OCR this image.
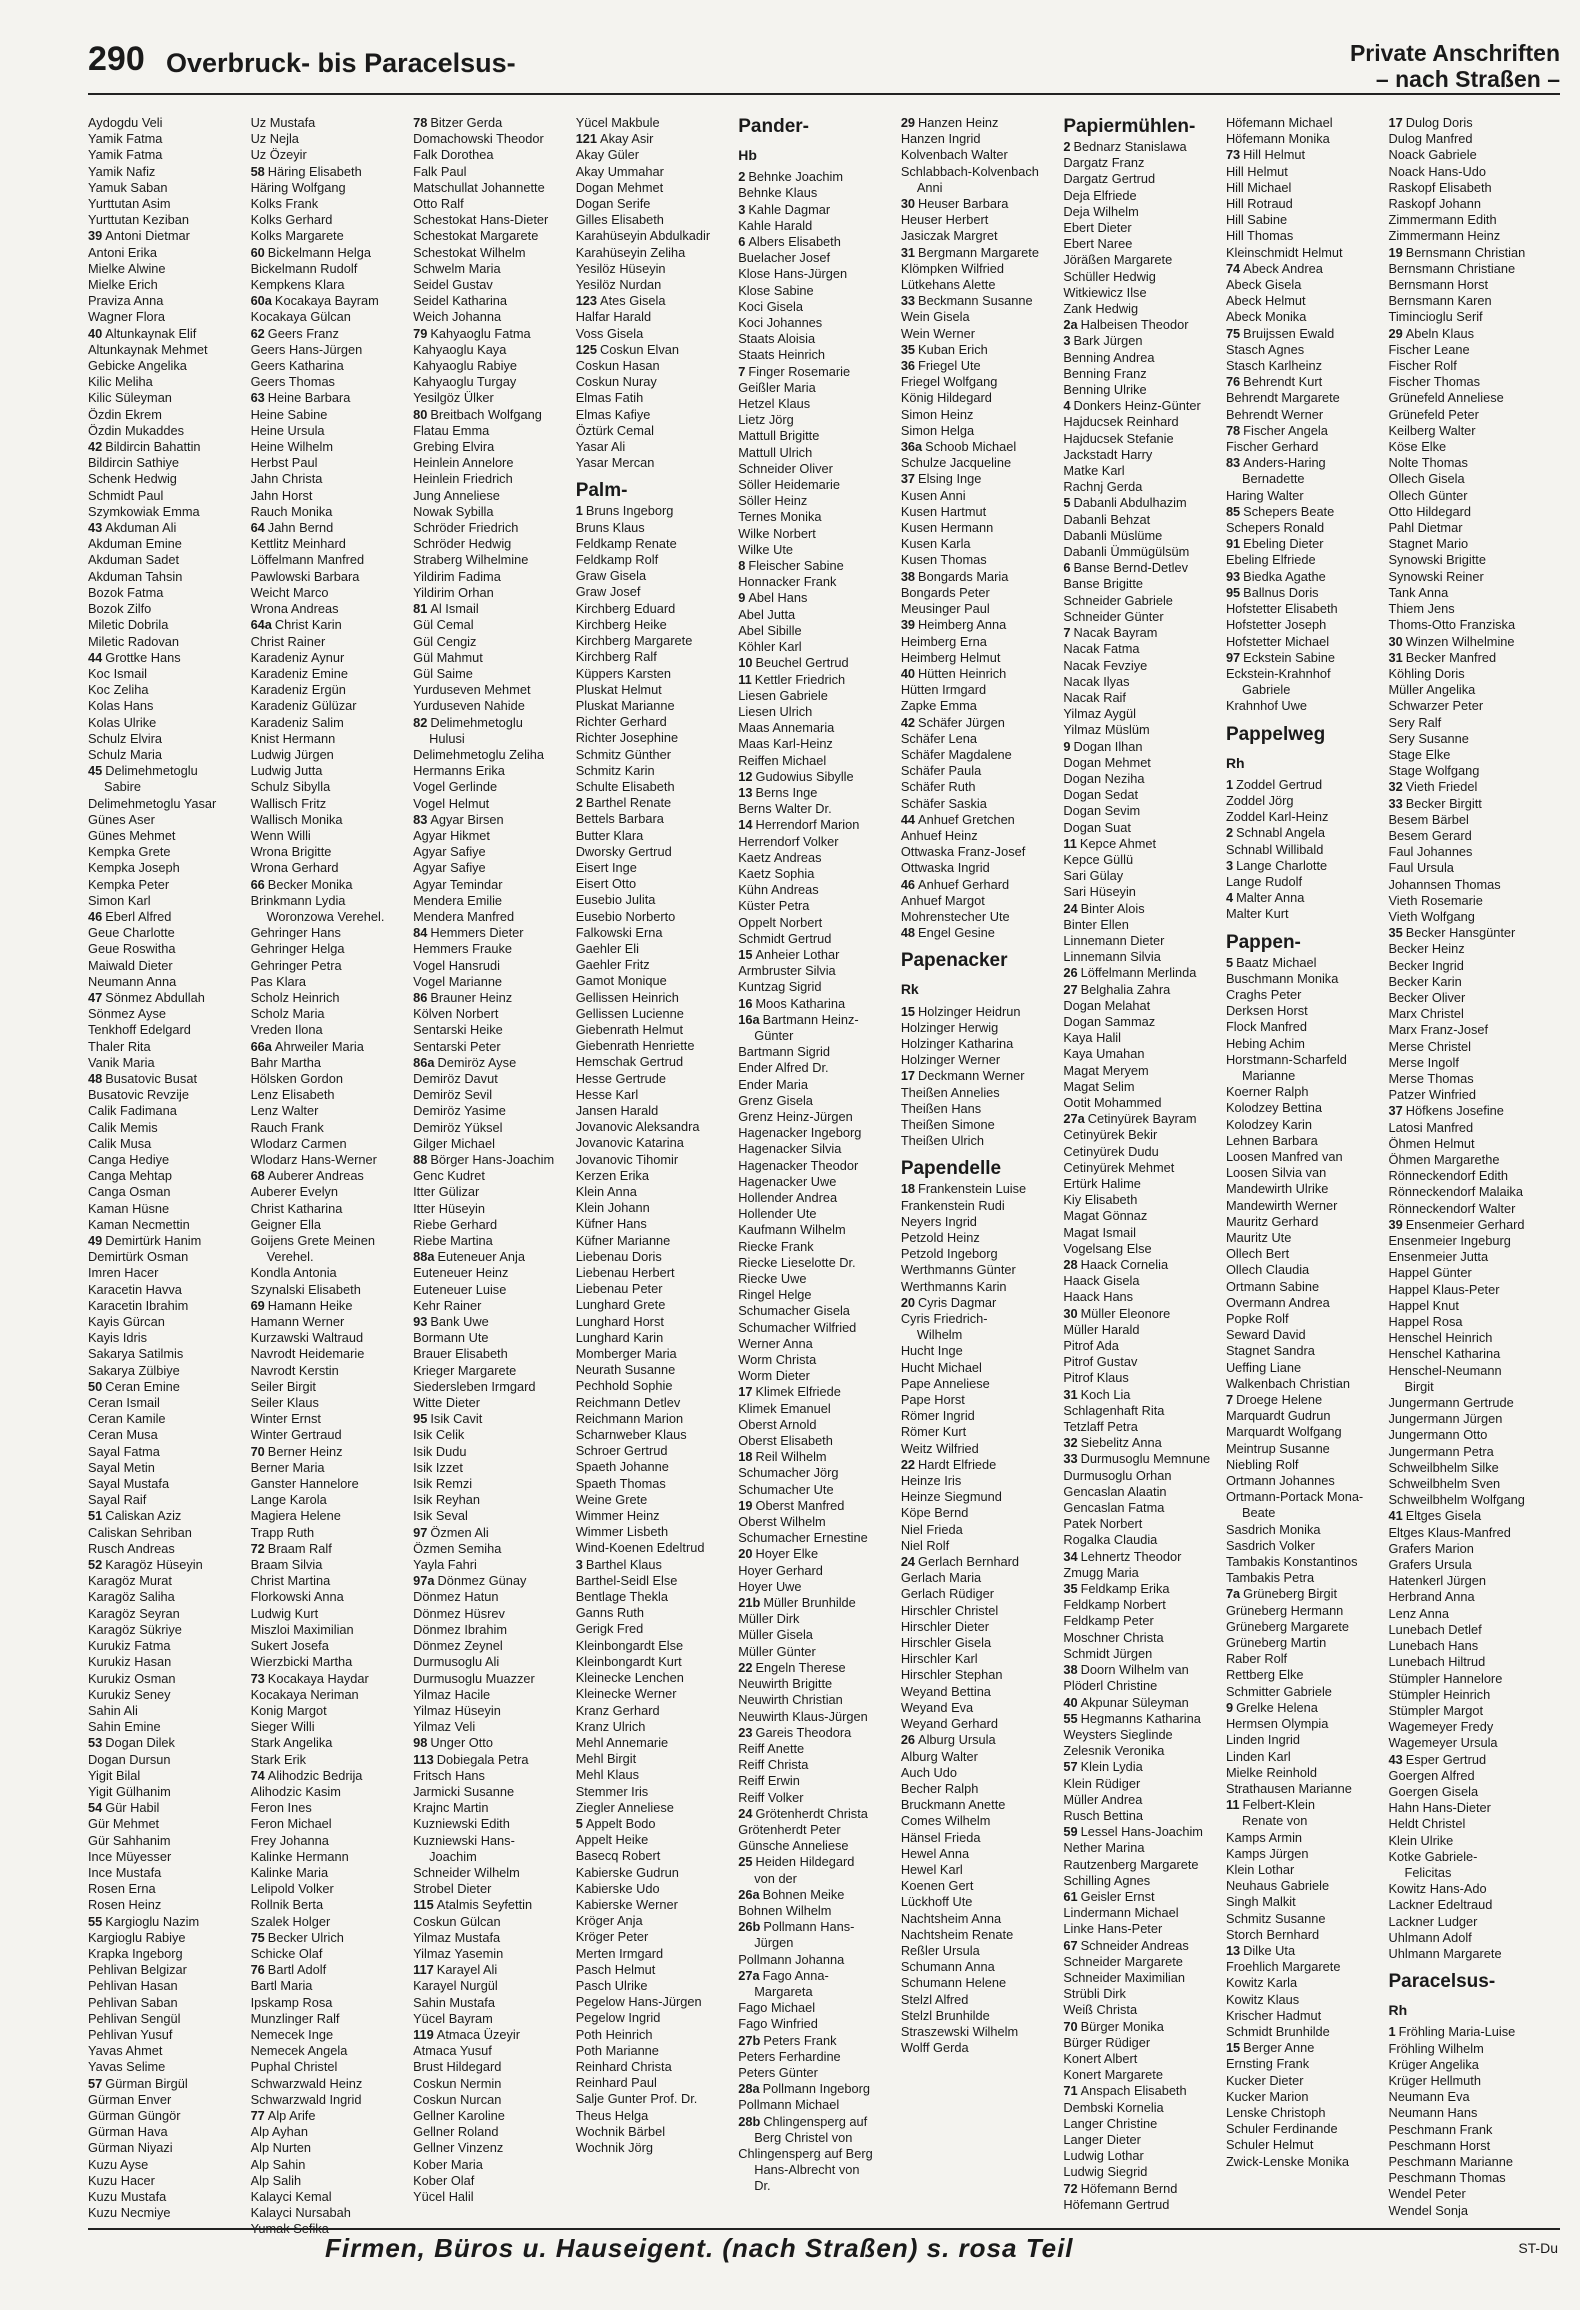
290 Overbruck- bis Paracelsus-	Private Anschriften
– nach Straßen –
Aydogdu Veli
Yamik Fatma
Yamik Fatma
Yamik Nafiz
Yamuk Saban
Yurttutan Asim
Yurttutan Keziban
39 Antoni Dietmar
Antoni Erika
Mielke Alwine
Mielke Erich
Praviza Anna
Wagner Flora
40 Altunkaynak Elif
Altunkaynak Mehmet
Gebicke Angelika
Kilic Meliha
Kilic Süleyman
Özdin Ekrem
Özdin Mukaddes
42 Bildircin Bahattin
Bildircin Sathiye
Schenk Hedwig
Schmidt Paul
Szymkowiak Emma
43 Akduman Ali
Akduman Emine
Akduman Sadet
Akduman Tahsin
Bozok Fatma
Bozok Zilfo
Miletic Dobrila
Miletic Radovan
44 Grottke Hans
Koc Ismail
Koc Zeliha
Kolas Hans
Kolas Ulrike
Schulz Elvira
Schulz Maria
45 Delimehmetoglu
Sabire
Delimehmetoglu Yasar
Günes Aser
Günes Mehmet
Kempka Grete
Kempka Joseph
Kempka Peter
Simon Karl
46 Eberl Alfred
Geue Charlotte
Geue Roswitha
Maiwald Dieter
Neumann Anna
47 Sönmez Abdullah
Sönmez Ayse
Tenkhoff Edelgard
Thaler Rita
Vanik Maria
48 Busatovic Busat
Busatovic Revzije
Calik Fadimana
Calik Memis
Calik Musa
Canga Hediye
Canga Mehtap
Canga Osman
Kaman Hüsne
Kaman Necmettin
49 Demirtürk Hanim
Demirtürk Osman
Imren Hacer
Karacetin Havva
Karacetin Ibrahim
Kayis Gürcan
Kayis Idris
Sakarya Satilmis
Sakarya Zülbiye
50 Ceran Emine
Ceran Ismail
Ceran Kamile
Ceran Musa
Sayal Fatma
Sayal Metin
Sayal Mustafa
Sayal Raif
51 Caliskan Aziz
Caliskan Sehriban
Rusch Andreas
52 Karagöz Hüseyin
Karagöz Murat
Karagöz Saliha
Karagöz Seyran
Karagöz Sükriye
Kurukiz Fatma
Kurukiz Hasan
Kurukiz Osman
Kurukiz Seney
Sahin Ali
Sahin Emine
53 Dogan Dilek
Dogan Dursun
Yigit Bilal
Yigit Gülhanim
54 Gür Habil
Gür Mehmet
Gür Sahhanim
Ince Müyesser
Ince Mustafa
Rosen Erna
Rosen Heinz
55 Kargioglu Nazim
Kargioglu Rabiye
Krapka Ingeborg
Pehlivan Belgizar
Pehlivan Hasan
Pehlivan Saban
Pehlivan Sengül
Pehlivan Yusuf
Yavas Ahmet
Yavas Selime
57 Gürman Birgül
Gürman Enver
Gürman Güngör
Gürman Hava
Gürman Niyazi
Kuzu Ayse
Kuzu Hacer
Kuzu Mustafa
Kuzu Necmiye
Uz Mustafa
Uz Nejla
Uz Özeyir
58 Häring Elisabeth
Häring Wolfgang
Kolks Frank
Kolks Gerhard
Kolks Margarete
60 Bickelmann Helga
Bickelmann Rudolf
Kempkens Klara
60a Kocakaya Bayram
Kocakaya Gülcan
62 Geers Franz
Geers Hans-Jürgen
Geers Katharina
Geers Thomas
63 Heine Barbara
Heine Sabine
Heine Ursula
Heine Wilhelm
Herbst Paul
Jahn Christa
Jahn Horst
Rauch Monika
64 Jahn Bernd
Kettlitz Meinhard
Löffelmann Manfred
Pawlowski Barbara
Weicht Marco
Wrona Andreas
64a Christ Karin
Christ Rainer
Karadeniz Aynur
Karadeniz Emine
Karadeniz Ergün
Karadeniz Gülüzar
Karadeniz Salim
Knist Hermann
Ludwig Jürgen
Ludwig Jutta
Schulz Sibylla
Wallisch Fritz
Wallisch Monika
Wenn Willi
Wrona Brigitte
Wrona Gerhard
66 Becker Monika
Brinkmann Lydia
Woronzowa Verehel.
Gehringer Hans
Gehringer Helga
Gehringer Petra
Pas Klara
Scholz Heinrich
Scholz Maria
Vreden Ilona
66a Ahrweiler Maria
Bahr Martha
Hölsken Gordon
Lenz Elisabeth
Lenz Walter
Rauch Frank
Wlodarz Carmen
Wlodarz Hans-Werner
68 Auberer Andreas
Auberer Evelyn
Christ Katharina
Geigner Ella
Goijens Grete Meinen
Verehel.
Kondla Antonia
Szynalski Elisabeth
69 Hamann Heike
Hamann Werner
Kurzawski Waltraud
Navrodt Heidemarie
Navrodt Kerstin
Seiler Birgit
Seiler Klaus
Winter Ernst
Winter Gertraud
70 Berner Heinz
Berner Maria
Ganster Hannelore
Lange Karola
Magiera Helene
Trapp Ruth
72 Braam Ralf
Braam Silvia
Christ Martina
Florkowski Anna
Ludwig Kurt
Miszloi Maximilian
Sukert Josefa
Wierzbicki Martha
73 Kocakaya Haydar
Kocakaya Neriman
Konig Margot
Sieger Willi
Stark Angelika
Stark Erik
74 Alihodzic Bedrija
Alihodzic Kasim
Feron Ines
Feron Michael
Frey Johanna
Kalinke Hermann
Kalinke Maria
Lelipold Volker
Rollnik Berta
Szalek Holger
75 Becker Ulrich
Schicke Olaf
76 Bartl Adolf
Bartl Maria
Ipskamp Rosa
Munzlinger Ralf
Nemecek Inge
Nemecek Angela
Puphal Christel
Schwarzwald Heinz
Schwarzwald Ingrid
77 Alp Arife
Alp Ayhan
Alp Nurten
Alp Sahin
Alp Salih
Kalayci Kemal
Kalayci Nursabah
Yumak Sefika
78 Bitzer Gerda
Domachowski Theodor
Falk Dorothea
Falk Paul
Matschullat Johannette
Otto Ralf
Schestokat Hans-Dieter
Schestokat Margarete
Schestokat Wilhelm
Schwelm Maria
Seidel Gustav
Seidel Katharina
Weich Johanna
79 Kahyaoglu Fatma
Kahyaoglu Kaya
Kahyaoglu Rabiye
Kahyaoglu Turgay
Yesilgöz Ülker
80 Breitbach Wolfgang
Flatau Emma
Grebing Elvira
Heinlein Annelore
Heinlein Friedrich
Jung Anneliese
Nowak Sybilla
Schröder Friedrich
Schröder Hedwig
Straberg Wilhelmine
Yildirim Fadima
Yildirim Orhan
81 Al Ismail
Gül Cemal
Gül Cengiz
Gül Mahmut
Gül Saime
Yurduseven Mehmet
Yurduseven Nahide
82 Delimehmetoglu
Hulusi
Delimehmetoglu Zeliha
Hermanns Erika
Vogel Gerlinde
Vogel Helmut
83 Agyar Birsen
Agyar Hikmet
Agyar Safiye
Agyar Safiye
Agyar Temindar
Mendera Emilie
Mendera Manfred
84 Hemmers Dieter
Hemmers Frauke
Vogel Hansrudi
Vogel Marianne
86 Brauner Heinz
Kölven Norbert
Sentarski Heike
Sentarski Peter
86a Demiröz Ayse
Demiröz Davut
Demiröz Sevil
Demiröz Yasime
Demiröz Yüksel
Gilger Michael
88 Börger Hans-Joachim
Genc Kudret
Itter Gülizar
Itter Hüseyin
Riebe Gerhard
Riebe Martina
88a Euteneuer Anja
Euteneuer Heinz
Euteneuer Luise
Kehr Rainer
93 Bank Uwe
Bormann Ute
Brauer Elisabeth
Krieger Margarete
Siedersleben Irmgard
Witte Dieter
95 Isik Cavit
Isik Celik
Isik Dudu
Isik Izzet
Isik Remzi
Isik Reyhan
Isik Seval
97 Özmen Ali
Özmen Semiha
Yayla Fahri
97a Dönmez Günay
Dönmez Hatun
Dönmez Hüsrev
Dönmez Ibrahim
Dönmez Zeynel
Durmusoglu Ali
Durmusoglu Muazzer
Yilmaz Hacile
Yilmaz Hüseyin
Yilmaz Veli
98 Unger Otto
113 Dobiegala Petra
Fritsch Hans
Jarmicki Susanne
Krajnc Martin
Kuzniewski Edith
Kuzniewski Hans-
Joachim
Schneider Wilhelm
Strobel Dieter
115 Atalmis Seyfettin
Coskun Gülcan
Yilmaz Mustafa
Yilmaz Yasemin
117 Karayel Ali
Karayel Nurgül
Sahin Mustafa
Yücel Bayram
119 Atmaca Üzeyir
Atmaca Yusuf
Brust Hildegard
Coskun Nermin
Coskun Nurcan
Gellner Karoline
Gellner Roland
Gellner Vinzenz
Kober Maria
Kober Olaf
Yücel Halil
Yücel Makbule
121 Akay Asir
Akay Güler
Akay Ummahar
Dogan Mehmet
Dogan Serife
Gilles Elisabeth
Karahüseyin Abdulkadir
Karahüseyin Zeliha
Yesilöz Hüseyin
Yesilöz Nurdan
123 Ates Gisela
Halfar Harald
Voss Gisela
125 Coskun Elvan
Coskun Hasan
Coskun Nuray
Elmas Fatih
Elmas Kafiye
Öztürk Cemal
Yasar Ali
Yasar Mercan
Palm-
1 Bruns Ingeborg
Bruns Klaus
Feldkamp Renate
Feldkamp Rolf
Graw Gisela
Graw Josef
Kirchberg Eduard
Kirchberg Heike
Kirchberg Margarete
Kirchberg Ralf
Küppers Karsten
Pluskat Helmut
Pluskat Marianne
Richter Gerhard
Richter Josephine
Schmitz Günther
Schmitz Karin
Schulte Elisabeth
2 Barthel Renate
Bettels Barbara
Butter Klara
Dworsky Gertrud
Eisert Inge
Eisert Otto
Eusebio Julita
Eusebio Norberto
Falkowski Erna
Gaehler Eli
Gaehler Fritz
Gamot Monique
Gellissen Heinrich
Gellissen Lucienne
Giebenrath Helmut
Giebenrath Henriette
Hemschak Gertrud
Hesse Gertrude
Hesse Karl
Jansen Harald
Jovanovic Aleksandra
Jovanovic Katarina
Jovanovic Tihomir
Kerzen Erika
Klein Anna
Klein Johann
Küfner Hans
Küfner Marianne
Liebenau Doris
Liebenau Herbert
Liebenau Peter
Lunghard Grete
Lunghard Horst
Lunghard Karin
Momberger Maria
Neurath Susanne
Pechhold Sophie
Reichmann Detlev
Reichmann Marion
Scharnweber Klaus
Schroer Gertrud
Spaeth Johanne
Spaeth Thomas
Weine Grete
Wimmer Heinz
Wimmer Lisbeth
Wind-Koenen Edeltrud
3 Barthel Klaus
Barthel-Seidl Else
Bentlage Thekla
Ganns Ruth
Gerigk Fred
Kleinbongardt Else
Kleinbongardt Kurt
Kleinecke Lenchen
Kleinecke Werner
Kranz Gerhard
Kranz Ulrich
Mehl Annemarie
Mehl Birgit
Mehl Klaus
Stemmer Iris
Ziegler Anneliese
5 Appelt Bodo
Appelt Heike
Basecq Robert
Kabierske Gudrun
Kabierske Udo
Kabierske Werner
Kröger Anja
Kröger Peter
Merten Irmgard
Pasch Helmut
Pasch Ulrike
Pegelow Hans-Jürgen
Pegelow Ingrid
Poth Heinrich
Poth Marianne
Reinhard Christa
Reinhard Paul
Salje Gunter Prof. Dr.
Theus Helga
Wochnik Bärbel
Wochnik Jörg
Pander-
Hb
2 Behnke Joachim
Behnke Klaus
3 Kahle Dagmar
Kahle Harald
6 Albers Elisabeth
Buelacher Josef
Klose Hans-Jürgen
Klose Sabine
Koci Gisela
Koci Johannes
Staats Aloisia
Staats Heinrich
7 Finger Rosemarie
Geißler Maria
Hetzel Klaus
Lietz Jörg
Mattull Brigitte
Mattull Ulrich
Schneider Oliver
Söller Heidemarie
Söller Heinz
Ternes Monika
Wilke Norbert
Wilke Ute
8 Fleischer Sabine
Honnacker Frank
9 Abel Hans
Abel Jutta
Abel Sibille
Köhler Karl
10 Beuchel Gertrud
11 Kettler Friedrich
Liesen Gabriele
Liesen Ulrich
Maas Annemaria
Maas Karl-Heinz
Reiffen Michael
12 Gudowius Sibylle
13 Berns Inge
Berns Walter Dr.
14 Herrendorf Marion
Herrendorf Volker
Kaetz Andreas
Kaetz Sophia
Kühn Andreas
Küster Petra
Oppelt Norbert
Schmidt Gertrud
15 Anheier Lothar
Armbruster Silvia
Kuntzag Sigrid
16 Moos Katharina
16a Bartmann Heinz-
Günter
Bartmann Sigrid
Ender Alfred Dr.
Ender Maria
Grenz Gisela
Grenz Heinz-Jürgen
Hagenacker Ingeborg
Hagenacker Silvia
Hagenacker Theodor
Hagenacker Uwe
Hollender Andrea
Hollender Ute
Kaufmann Wilhelm
Riecke Frank
Riecke Lieselotte Dr.
Riecke Uwe
Ringel Helge
Schumacher Gisela
Schumacher Wilfried
Werner Anna
Worm Christa
Worm Dieter
17 Klimek Elfriede
Klimek Emanuel
Oberst Arnold
Oberst Elisabeth
18 Reil Wilhelm
Schumacher Jörg
Schumacher Ute
19 Oberst Manfred
Oberst Wilhelm
Schumacher Ernestine
20 Hoyer Elke
Hoyer Gerhard
Hoyer Uwe
21b Müller Brunhilde
Müller Dirk
Müller Gisela
Müller Günter
22 Engeln Therese
Neuwirth Brigitte
Neuwirth Christian
Neuwirth Klaus-Jürgen
23 Gareis Theodora
Reiff Anette
Reiff Christa
Reiff Erwin
Reiff Volker
24 Grötenherdt Christa
Grötenherdt Peter
Günsche Anneliese
25 Heiden Hildegard
von der
26a Bohnen Meike
Bohnen Wilhelm
26b Pollmann Hans-
Jürgen
Pollmann Johanna
27a Fago Anna-
Margareta
Fago Michael
Fago Winfried
27b Peters Frank
Peters Ferhardine
Peters Günter
28a Pollmann Ingeborg
Pollmann Michael
28b Chlingensperg auf
Berg Christel von
Chlingensperg auf Berg
Hans-Albrecht von
Dr.
29 Hanzen Heinz
Hanzen Ingrid
Kolvenbach Walter
Schlabbach-Kolvenbach
Anni
30 Heuser Barbara
Heuser Herbert
Jasiczak Margret
31 Bergmann Margarete
Klömpken Wilfried
Lütkehans Alette
33 Beckmann Susanne
Wein Gisela
Wein Werner
35 Kuban Erich
36 Friegel Ute
Friegel Wolfgang
König Hildegard
Simon Heinz
Simon Helga
36a Schoob Michael
Schulze Jacqueline
37 Elsing Inge
Kusen Anni
Kusen Hartmut
Kusen Hermann
Kusen Karla
Kusen Thomas
38 Bongards Maria
Bongards Peter
Meusinger Paul
39 Heimberg Anna
Heimberg Erna
Heimberg Helmut
40 Hütten Heinrich
Hütten Irmgard
Zapke Emma
42 Schäfer Jürgen
Schäfer Lena
Schäfer Magdalene
Schäfer Paula
Schäfer Ruth
Schäfer Saskia
44 Anhuef Gretchen
Anhuef Heinz
Ottwaska Franz-Josef
Ottwaska Ingrid
46 Anhuef Gerhard
Anhuef Margot
Mohrenstecher Ute
48 Engel Gesine
Papenacker
Rk
15 Holzinger Heidrun
Holzinger Herwig
Holzinger Katharina
Holzinger Werner
17 Deckmann Werner
Theißen Annelies
Theißen Hans
Theißen Simone
Theißen Ulrich
Papendelle
18 Frankenstein Luise
Frankenstein Rudi
Neyers Ingrid
Petzold Heinz
Petzold Ingeborg
Werthmanns Günter
Werthmanns Karin
20 Cyris Dagmar
Cyris Friedrich-
Wilhelm
Hucht Inge
Hucht Michael
Pape Anneliese
Pape Horst
Römer Ingrid
Römer Kurt
Weitz Wilfried
22 Hardt Elfriede
Heinze Iris
Heinze Siegmund
Köpe Bernd
Niel Frieda
Niel Rolf
24 Gerlach Bernhard
Gerlach Maria
Gerlach Rüdiger
Hirschler Christel
Hirschler Dieter
Hirschler Gisela
Hirschler Karl
Hirschler Stephan
Weyand Bettina
Weyand Eva
Weyand Gerhard
26 Alburg Ursula
Alburg Walter
Auch Udo
Becher Ralph
Bruckmann Anette
Comes Wilhelm
Hänsel Frieda
Hewel Anna
Hewel Karl
Koenen Gert
Lückhoff Ute
Nachtsheim Anna
Nachtsheim Renate
Reßler Ursula
Schumann Anna
Schumann Helene
Stelzl Alfred
Stelzl Brunhilde
Straszewski Wilhelm
Wolff Gerda
Papiermühlen-
2 Bednarz Stanislawa
Dargatz Franz
Dargatz Gertrud
Deja Elfriede
Deja Wilhelm
Ebert Dieter
Ebert Naree
Jöräßen Margarete
Schüller Hedwig
Witkiewicz Ilse
Zank Hedwig
2a Halbeisen Theodor
3 Bark Jürgen
Benning Andrea
Benning Franz
Benning Ulrike
4 Donkers Heinz-Günter
Hajducsek Reinhard
Hajducsek Stefanie
Jackstadt Harry
Matke Karl
Rachnj Gerda
5 Dabanli Abdulhazim
Dabanli Behzat
Dabanli Müslüme
Dabanli Ümmügülsüm
6 Banse Bernd-Detlev
Banse Brigitte
Schneider Gabriele
Schneider Günter
7 Nacak Bayram
Nacak Fatma
Nacak Fevziye
Nacak Ilyas
Nacak Raif
Yilmaz Aygül
Yilmaz Müslüm
9 Dogan Ilhan
Dogan Mehmet
Dogan Neziha
Dogan Sedat
Dogan Sevim
Dogan Suat
11 Kepce Ahmet
Kepce Güllü
Sari Gülay
Sari Hüseyin
24 Binter Alois
Binter Ellen
Linnemann Dieter
Linnemann Silvia
26 Löffelmann Merlinda
27 Belghalia Zahra
Dogan Melahat
Dogan Sammaz
Kaya Halil
Kaya Umahan
Magat Meryem
Magat Selim
Ootit Mohammed
27a Cetinyürek Bayram
Cetinyürek Bekir
Cetinyürek Dudu
Cetinyürek Mehmet
Ertürk Halime
Kiy Elisabeth
Magat Gönnaz
Magat Ismail
Vogelsang Else
28 Haack Cornelia
Haack Gisela
Haack Hans
30 Müller Eleonore
Müller Harald
Pitrof Ada
Pitrof Gustav
Pitrof Klaus
31 Koch Lia
Schlagenhaft Rita
Tetzlaff Petra
32 Siebelitz Anna
33 Durmusoglu Memnune
Durmusoglu Orhan
Gencaslan Alaatin
Gencaslan Fatma
Patek Norbert
Rogalka Claudia
34 Lehnertz Theodor
Zmugg Maria
35 Feldkamp Erika
Feldkamp Norbert
Feldkamp Peter
Moschner Christa
Schmidt Jürgen
38 Doorn Wilhelm van
Plöderl Christine
40 Akpunar Süleyman
55 Hegmanns Katharina
Weysters Sieglinde
Zelesnik Veronika
57 Klein Lydia
Klein Rüdiger
Müller Andrea
Rusch Bettina
59 Lessel Hans-Joachim
Nether Marina
Rautzenberg Margarete
Schilling Agnes
61 Geisler Ernst
Lindermann Michael
Linke Hans-Peter
67 Schneider Andreas
Schneider Margarete
Schneider Maximilian
Strübli Dirk
Weiß Christa
70 Bürger Monika
Bürger Rüdiger
Konert Albert
Konert Margarete
71 Anspach Elisabeth
Dembski Kornelia
Langer Christine
Langer Dieter
Ludwig Lothar
Ludwig Siegrid
72 Höfemann Bernd
Höfemann Gertrud
Höfemann Michael
Höfemann Monika
73 Hill Helmut
Hill Helmut
Hill Michael
Hill Rotraud
Hill Sabine
Hill Thomas
Kleinschmidt Helmut
74 Abeck Andrea
Abeck Gisela
Abeck Helmut
Abeck Monika
75 Bruijssen Ewald
Stasch Agnes
Stasch Karlheinz
76 Behrendt Kurt
Behrendt Margarete
Behrendt Werner
78 Fischer Angela
Fischer Gerhard
83 Anders-Haring
Bernadette
Haring Walter
85 Schepers Beate
Schepers Ronald
91 Ebeling Dieter
Ebeling Elfriede
93 Biedka Agathe
95 Ballnus Doris
Hofstetter Elisabeth
Hofstetter Joseph
Hofstetter Michael
97 Eckstein Sabine
Eckstein-Krahnhof
Gabriele
Krahnhof Uwe
Pappelweg
Rh
1 Zoddel Gertrud
Zoddel Jörg
Zoddel Karl-Heinz
2 Schnabl Angela
Schnabl Willibald
3 Lange Charlotte
Lange Rudolf
4 Malter Anna
Malter Kurt
Pappen-
5 Baatz Michael
Buschmann Monika
Craghs Peter
Derksen Horst
Flock Manfred
Hebing Achim
Horstmann-Scharfeld
Marianne
Koerner Ralph
Kolodzey Bettina
Kolodzey Karin
Lehnen Barbara
Loosen Manfred van
Loosen Silvia van
Mandewirth Ulrike
Mandewirth Werner
Mauritz Gerhard
Mauritz Ute
Ollech Bert
Ollech Claudia
Ortmann Sabine
Overmann Andrea
Popke Rolf
Seward David
Stagnet Sandra
Ueffing Liane
Walkenbach Christian
7 Droege Helene
Marquardt Gudrun
Marquardt Wolfgang
Meintrup Susanne
Niebling Rolf
Ortmann Johannes
Ortmann-Portack Mona-
Beate
Sasdrich Monika
Sasdrich Volker
Tambakis Konstantinos
Tambakis Petra
7a Grüneberg Birgit
Grüneberg Hermann
Grüneberg Margarete
Grüneberg Martin
Raber Rolf
Rettberg Elke
Schmitter Gabriele
9 Grelke Helena
Hermsen Olympia
Linden Ingrid
Linden Karl
Mielke Reinhold
Strathausen Marianne
11 Felbert-Klein
Renate von
Kamps Armin
Kamps Jürgen
Klein Lothar
Neuhaus Gabriele
Singh Malkit
Schmitz Susanne
Storch Bernhard
13 Dilke Uta
Froehlich Margarete
Kowitz Karla
Kowitz Klaus
Krischer Hadmut
Schmidt Brunhilde
15 Berger Anne
Ernsting Frank
Kucker Dieter
Kucker Marion
Lenske Christoph
Schuler Ferdinande
Schuler Helmut
Zwick-Lenske Monika
17 Dulog Doris
Dulog Manfred
Noack Gabriele
Noack Hans-Udo
Raskopf Elisabeth
Raskopf Johann
Zimmermann Edith
Zimmermann Heinz
19 Bernsmann Christian
Bernsmann Christiane
Bernsmann Horst
Bernsmann Karen
Timincioglu Serif
29 Abeln Klaus
Fischer Leane
Fischer Rolf
Fischer Thomas
Grünefeld Anneliese
Grünefeld Peter
Keilberg Walter
Köse Elke
Nolte Thomas
Ollech Gisela
Ollech Günter
Otto Hildegard
Pahl Dietmar
Stagnet Mario
Synowski Brigitte
Synowski Reiner
Tank Anna
Thiem Jens
Thoms-Otto Franziska
30 Winzen Wilhelmine
31 Becker Manfred
Köhling Doris
Müller Angelika
Schwarzer Peter
Sery Ralf
Sery Susanne
Stage Elke
Stage Wolfgang
32 Vieth Friedel
33 Becker Birgitt
Besem Bärbel
Besem Gerard
Faul Johannes
Faul Ursula
Johannsen Thomas
Vieth Rosemarie
Vieth Wolfgang
35 Becker Hansgünter
Becker Heinz
Becker Ingrid
Becker Karin
Becker Oliver
Marx Christel
Marx Franz-Josef
Merse Christel
Merse Ingolf
Merse Thomas
Patzer Winfried
37 Höfkens Josefine
Latosi Manfred
Öhmen Helmut
Öhmen Margarethe
Rönneckendorf Edith
Rönneckendorf Malaika
Rönneckendorf Walter
39 Ensenmeier Gerhard
Ensenmeier Ingeburg
Ensenmeier Jutta
Happel Günter
Happel Klaus-Peter
Happel Knut
Happel Rosa
Henschel Heinrich
Henschel Katharina
Henschel-Neumann
Birgit
Jungermann Gertrude
Jungermann Jürgen
Jungermann Otto
Jungermann Petra
Schweilbhelm Silke
Schweilbhelm Sven
Schweilbhelm Wolfgang
41 Eltges Gisela
Eltges Klaus-Manfred
Grafers Marion
Grafers Ursula
Hatenkerl Jürgen
Herbrand Anna
Lenz Anna
Lunebach Detlef
Lunebach Hans
Lunebach Hiltrud
Stümpler Hannelore
Stümpler Heinrich
Stümpler Margot
Wagemeyer Fredy
Wagemeyer Ursula
43 Esper Gertrud
Goergen Alfred
Goergen Gisela
Hahn Hans-Dieter
Heldt Christel
Klein Ulrike
Kotke Gabriele-
Felicitas
Kowitz Hans-Ado
Lackner Edeltraud
Lackner Ludger
Uhlmann Adolf
Uhlmann Margarete
Paracelsus-
Rh
1 Fröhling Maria-Luise
Fröhling Wilhelm
Krüger Angelika
Krüger Hellmuth
Neumann Eva
Neumann Hans
Peschmann Frank
Peschmann Horst
Peschmann Marianne
Peschmann Thomas
Wendel Peter
Wendel Sonja
Firmen, Büros u. Hauseigent. (nach Straßen) s. rosa Teil	ST-Du
